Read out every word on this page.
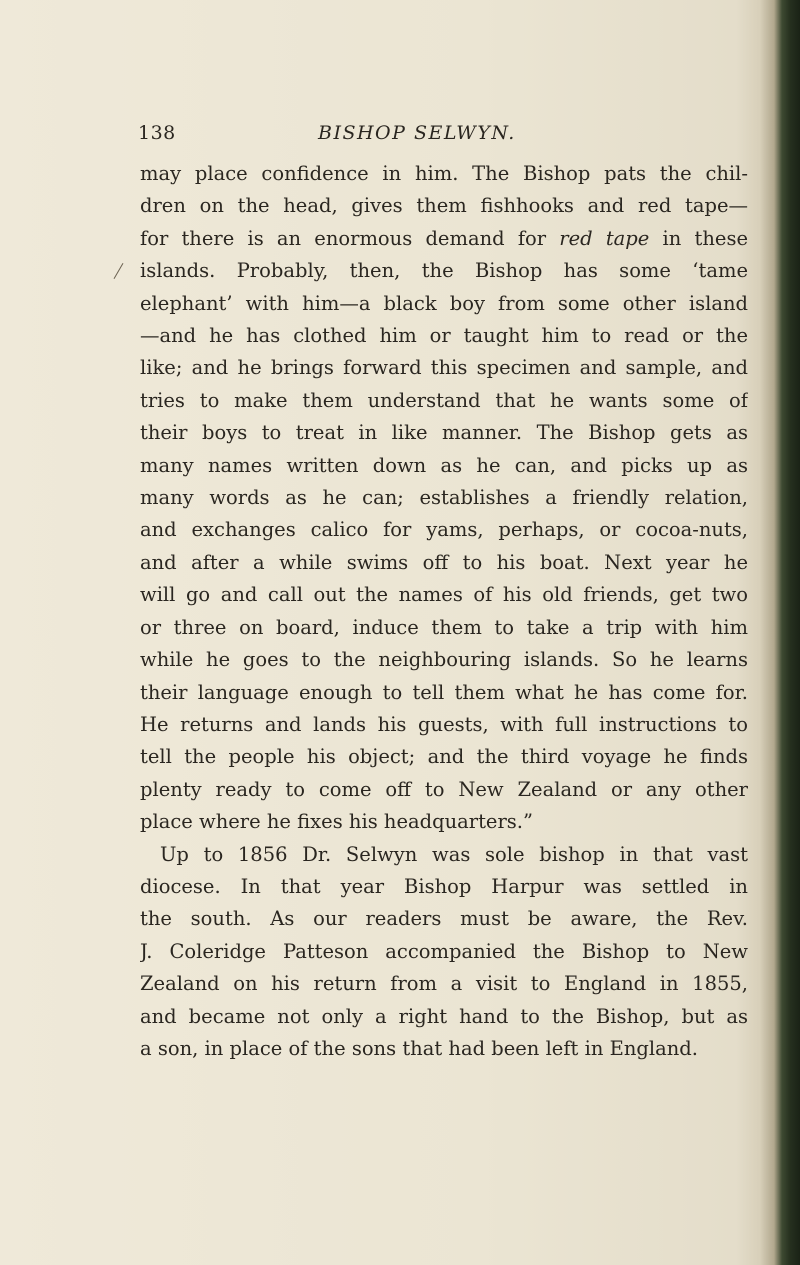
138	BISHOP SELWYN.
may place confidence in him. The Bishop pats the chil-
dren on the head, gives them fishhooks and red tape—
for there is an enormous demand for red tape in these
islands. Probably, then, the Bishop has some ‘tame
elephant’ with him—a black boy from some other island
—and he has clothed him or taught him to read or the
like; and he brings forward this specimen and sample, and
tries to make them understand that he wants some of
their boys to treat in like manner. The Bishop gets as
many names written down as he can, and picks up as
many words as he can; establishes a friendly relation,
and exchanges calico for yams, perhaps, or cocoa-nuts,
and after a while swims off to his boat. Next year he
will go and call out the names of his old friends, get two
or three on board, induce them to take a trip with him
while he goes to the neighbouring islands. So he learns
their language enough to tell them what he has come for.
He returns and lands his guests, with full instructions to
tell the people his object; and the third voyage he finds
plenty ready to come off to New Zealand or any other
place where he fixes his headquarters.”
Up to 1856 Dr. Selwyn was sole bishop in that vast
diocese. In that year Bishop Harpur was settled in
the south. As our readers must be aware, the Rev.
J. Coleridge Patteson accompanied the Bishop to New
Zealand on his return from a visit to England in 1855,
and became not only a right hand to the Bishop, but as
a son, in place of the sons that had been left in England.
